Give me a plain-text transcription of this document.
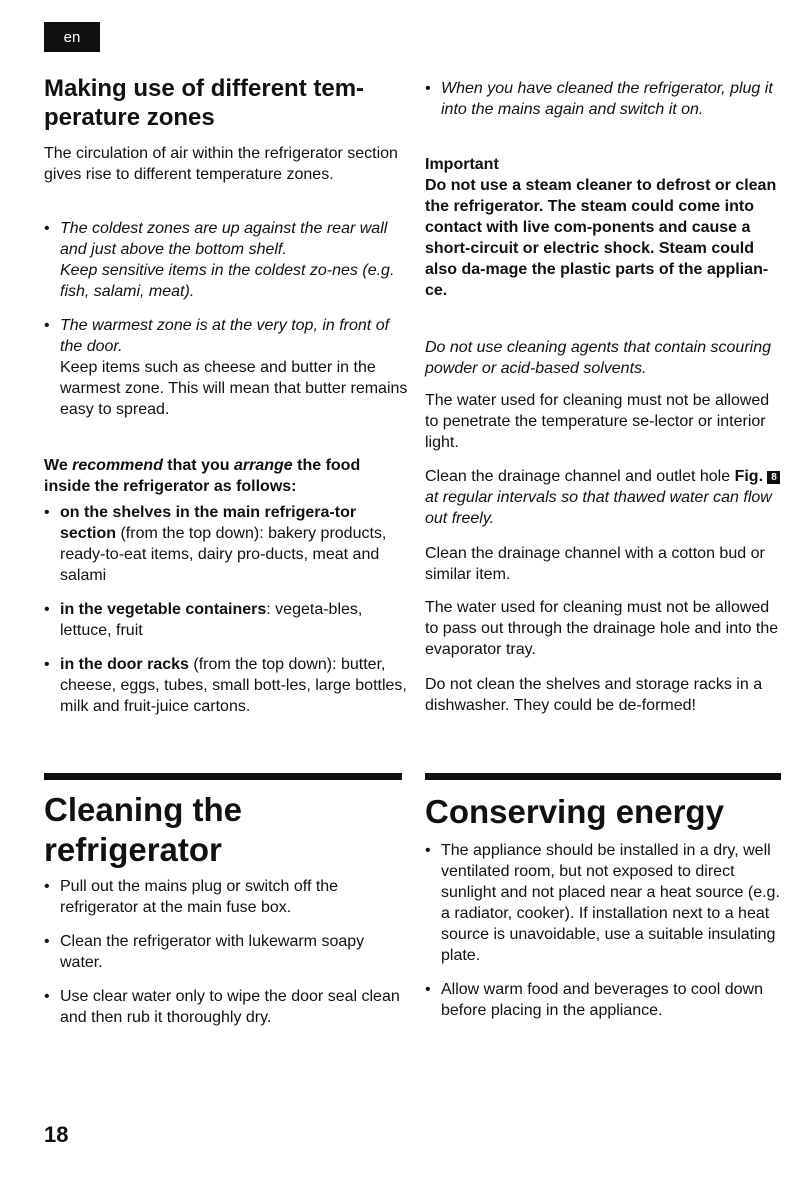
en
Making use of different tem-perature zones

The circulation of air within the refrigerator section gives rise to different temperature zones.

• The coldest zones are up against the rear wall and just above the bottom shelf.

Keep sensitive items in the coldest zo-nes (e.g. fish, salami, meat).

• The warmest zone is at the very top, in front of the door.

Keep items such as cheese and butter in the warmest zone. This will mean that butter remains easy to spread.

We recommend that you arrange the food inside the refrigerator as follows:

• on the shelves in the main refrigera-tor section (from the top down): bakery products, ready-to-eat items, dairy pro-ducts, meat and salami
• in the vegetable containers: vegeta-bles, lettuce, fruit
• in the door racks (from the top down): butter, cheese, eggs, tubes, small bott-les, large bottles, milk and fruit-juice cartons.
Cleaning the refrigerator
• Pull out the mains plug or switch off the refrigerator at the main fuse box.
• Clean the refrigerator with lukewarm soapy water.
• Use clear water only to wipe the door seal clean and then rub it thoroughly dry.
• When you have cleaned the refrigerator, plug it into the mains again and switch it on.

Important

Do not use a steam cleaner to defrost or clean the refrigerator. The steam could come into contact with live com-ponents and cause a short-circuit or electric shock. Steam could also da-mage the plastic parts of the applian-ce.

Do not use cleaning agents that contain scouring powder or acid-based solvents.

The water used for cleaning must not be allowed to penetrate the temperature se-lector or interior light.

Clean the drainage channel and outlet hole Fig. 8 at regular intervals so that thawed water can flow out freely.

Clean the drainage channel with a cotton bud or similar item.

The water used for cleaning must not be allowed to pass out through the drainage hole and into the evaporator tray.

Do not clean the shelves and storage racks in a dishwasher. They could be de-formed!

Conserving energy
• The appliance should be installed in a dry, well ventilated room, but not exposed to direct sunlight and not placed near a heat source (e.g. a radiator, cooker). If installation next to a heat source is unavoidable, use a suitable insulating plate.
• Allow warm food and beverages to cool down before placing in the appliance.
18
